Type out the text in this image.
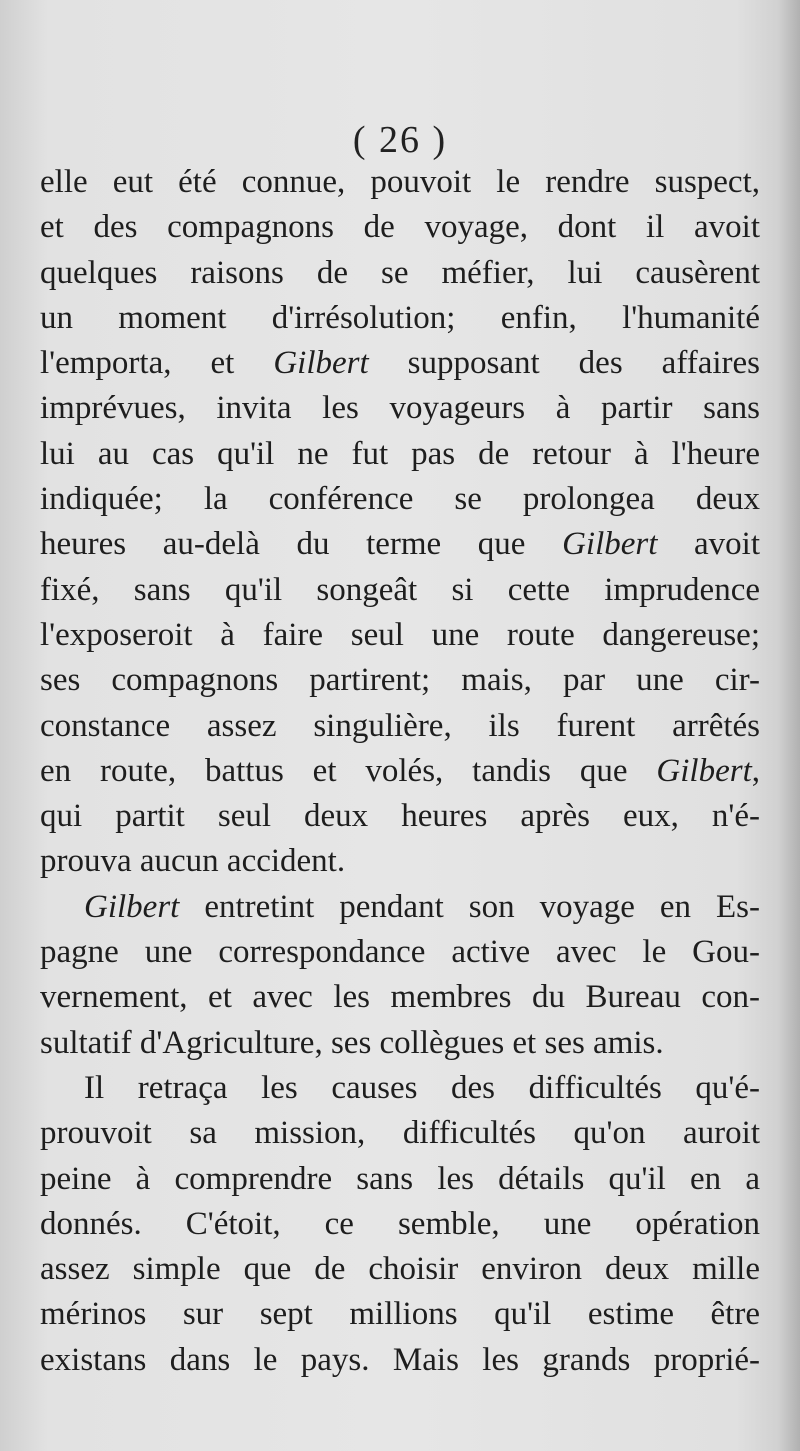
( 26 )
elle eut été connue, pouvoit le rendre suspect,
et des compagnons de voyage, dont il avoit
quelques raisons de se méfier, lui causèrent
un moment d'irrésolution; enfin, l'humanité
l'emporta, et Gilbert supposant des affaires
imprévues, invita les voyageurs à partir sans
lui au cas qu'il ne fut pas de retour à l'heure
indiquée; la conférence se prolongea deux
heures au-delà du terme que Gilbert avoit
fixé, sans qu'il songeât si cette imprudence
l'exposeroit à faire seul une route dangereuse;
ses compagnons partirent; mais, par une cir-
constance assez singulière, ils furent arrêtés
en route, battus et volés, tandis que Gilbert,
qui partit seul deux heures après eux, n'é-
prouva aucun accident.
Gilbert entretint pendant son voyage en Es-
pagne une correspondance active avec le Gou-
vernement, et avec les membres du Bureau con-
sultatif d'Agriculture, ses collègues et ses amis.
Il retraça les causes des difficultés qu'é-
prouvoit sa mission, difficultés qu'on auroit
peine à comprendre sans les détails qu'il en a
donnés. C'étoit, ce semble, une opération
assez simple que de choisir environ deux mille
mérinos sur sept millions qu'il estime être
existans dans le pays. Mais les grands proprié-
